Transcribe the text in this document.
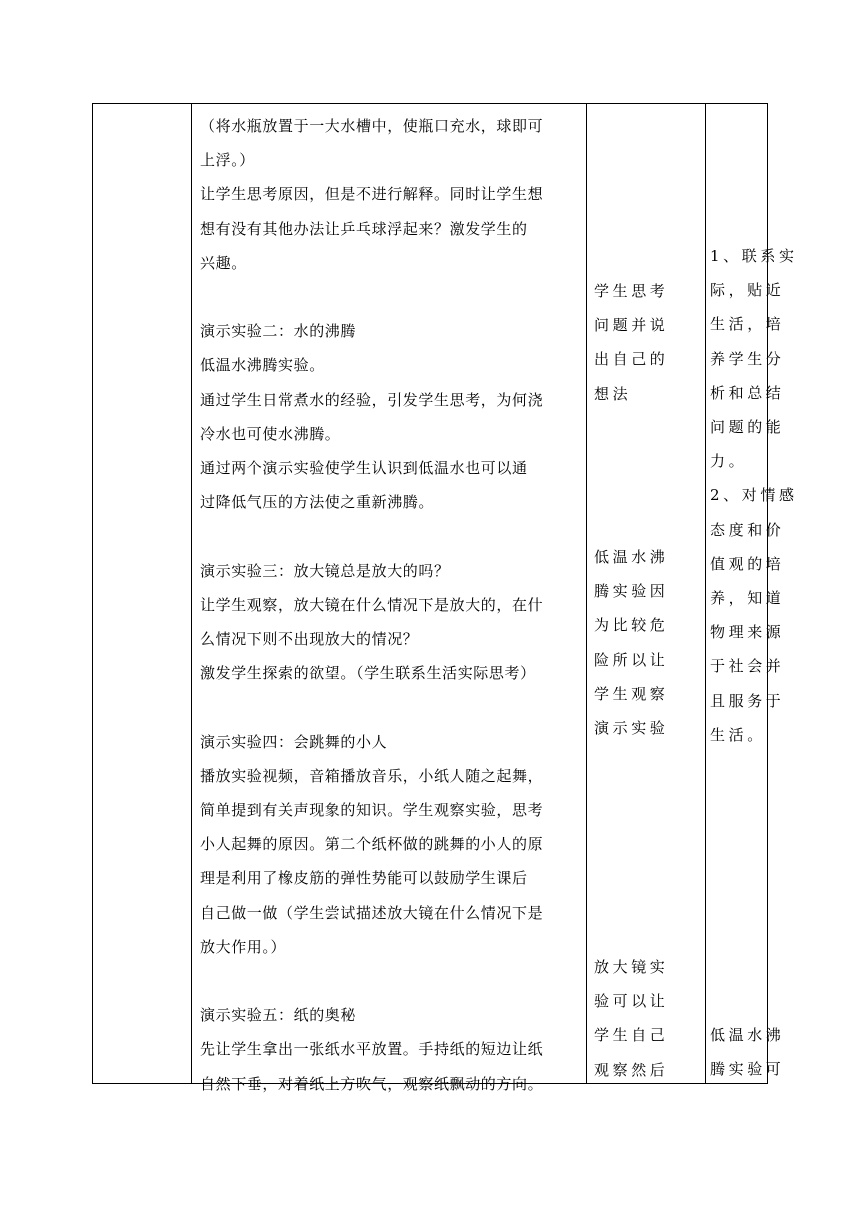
（将水瓶放置于一大水槽中，使瓶口充水，球即可
上浮。）
让学生思考原因，但是不进行解释。同时让学生想
想有没有其他办法让乒乓球浮起来？激发学生的
兴趣。
演示实验二：水的沸腾
低温水沸腾实验。
通过学生日常煮水的经验，引发学生思考，为何浇
冷水也可使水沸腾。
通过两个演示实验使学生认识到低温水也可以通
过降低气压的方法使之重新沸腾。
演示实验三：放大镜总是放大的吗？
让学生观察，放大镜在什么情况下是放大的，在什
么情况下则不出现放大的情况？
激发学生探索的欲望。（学生联系生活实际思考）
演示实验四：会跳舞的小人
播放实验视频，音箱播放音乐，小纸人随之起舞，
简单提到有关声现象的知识。学生观察实验，思考
小人起舞的原因。第二个纸杯做的跳舞的小人的原
理是利用了橡皮筋的弹性势能可以鼓励学生课后
自己做一做（学生尝试描述放大镜在什么情况下是
放大作用。）
演示实验五：纸的奥秘
先让学生拿出一张纸水平放置。手持纸的短边让纸
自然下垂，对着纸上方吹气，观察纸飘动的方向。
学生思考
问题并说
出自己的
想法
低温水沸
腾实验因
为比较危
险所以让
学生观察
演示实验
放大镜实
验可以让
学生自己
观察然后
1、联系实
际，贴近
生活，培
养学生分
析和总结
问题的能
力。
2、对情感
态度和价
值观的培
养，知道
物理来源
于社会并
且服务于
生活。
低温水沸
腾实验可
